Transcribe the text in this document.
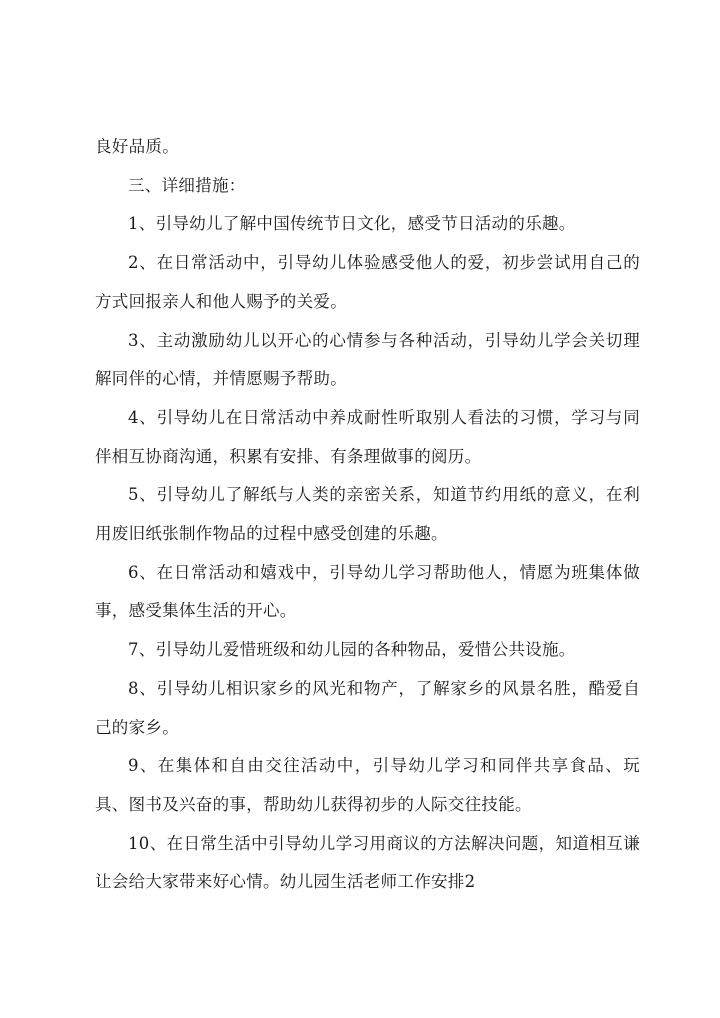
良好品质。

三、详细措施：

1、引导幼儿了解中国传统节日文化，感受节日活动的乐趣。

2、在日常活动中，引导幼儿体验感受他人的爱，初步尝试用自己的方式回报亲人和他人赐予的关爱。

3、主动激励幼儿以开心的心情参与各种活动，引导幼儿学会关切理解同伴的心情，并情愿赐予帮助。

4、引导幼儿在日常活动中养成耐性听取别人看法的习惯，学习与同伴相互协商沟通，积累有安排、有条理做事的阅历。

5、引导幼儿了解纸与人类的亲密关系，知道节约用纸的意义，在利用废旧纸张制作物品的过程中感受创建的乐趣。

6、在日常活动和嬉戏中，引导幼儿学习帮助他人，情愿为班集体做事，感受集体生活的开心。

7、引导幼儿爱惜班级和幼儿园的各种物品，爱惜公共设施。

8、引导幼儿相识家乡的风光和物产，了解家乡的风景名胜，酷爱自己的家乡。

9、在集体和自由交往活动中，引导幼儿学习和同伴共享食品、玩具、图书及兴奋的事，帮助幼儿获得初步的人际交往技能。

10、在日常生活中引导幼儿学习用商议的方法解决问题，知道相互谦让会给大家带来好心情。幼儿园生活老师工作安排2
